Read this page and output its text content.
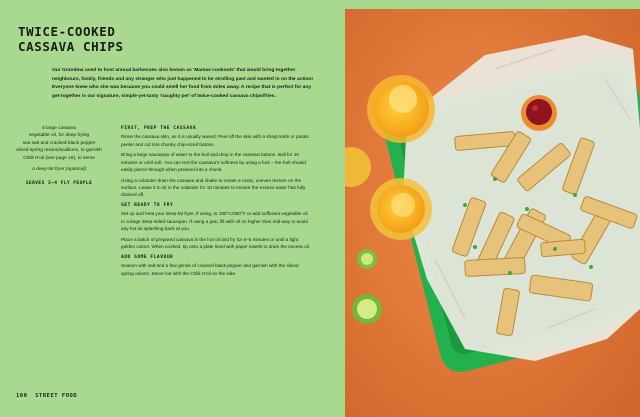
TWICE-COOKED
CASSAVA CHIPS

Our Grandma used to host annual barbecues also known as 'Mamas cookouts' that would bring together neighbours, family, friends and any stranger who just happened to be strolling past and wanted in on the action! Everyone knew who she was because you could smell her food from miles away. A recipe that is perfect for any get-together is our signature, simple-yet-tasty 'naughty pet' of twice-cooked cassava chips/fries.

6 large cassava

vegetable oil, for deep frying

sea salt and cracked black pepper

sliced spring onions/scallions, to garnish

Chilli H'oil (see page 19), to serve

a deep-fat fryer (optional)

SERVES 3–4 FLY PEOPLE

FIRST, PREP THE CASSAVA

Rinse the cassava skin, as it is usually waxed. Peel off the skin with a sharp knife or potato peeler and cut into chunky chip-sized batons.

Bring a large saucepan of water to the boil and drop in the cassava batons. Boil for 20 minutes or until soft. You can test the cassava's softness by using a fork – the fork should easily pierce through when pressed into a chunk.

Using a colander drain the cassava and shake to create a rustic, uneven texture on the surface. Leave it to sit in the colander for 10 minutes to ensure the excess water has fully drained off.

GET READY TO FRY

Set up and heat your deep-fat fryer, if using, to 180°C/350°F or add sufficient vegetable oil to a large deep-sided saucepan. If using a pan, fill with oil no higher than mid-way to avoid any hot oil splashing back at you.

Place a batch of prepared cassava in the hot oil and fry for 5–6 minutes or until a light golden colour. When cooked, tip onto a plate lined with paper towels to drain the excess oil.

ADD SOME FLAVOUR

Season with salt and a few grinds of cracked black pepper and garnish with the sliced spring onions. Serve hot with the Chilli H'oil on the side.

100 STREET FOOD
